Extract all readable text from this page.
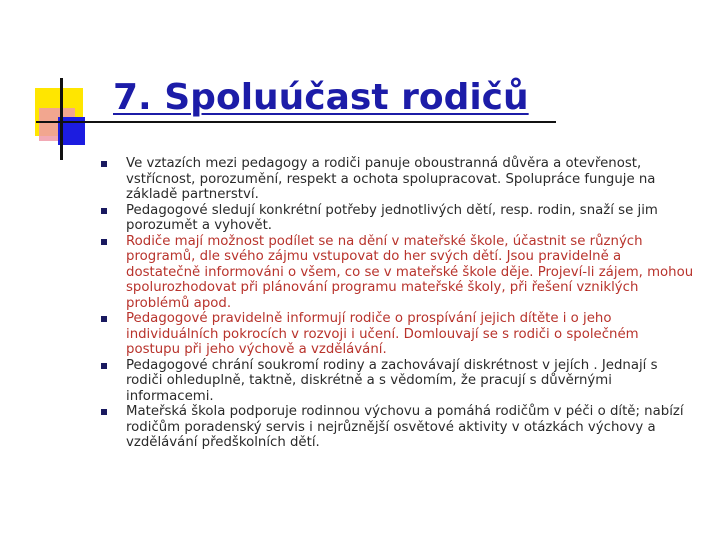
7. Spoluúčast rodičů
Ve vztazích mezi pedagogy a rodiči panuje oboustranná důvěra a otevřenost, vstřícnost, porozumění, respekt a ochota spolupracovat. Spolupráce funguje na základě partnerství.
Pedagogové sledují konkrétní potřeby jednotlivých dětí, resp. rodin, snaží se jim porozumět a vyhovět.
Rodiče mají možnost podílet se na dění v mateřské škole, účastnit se různých programů, dle svého zájmu vstupovat do her svých dětí. Jsou pravidelně a dostatečně informováni o všem, co se v mateřské škole děje. Projeví-li zájem, mohou spolurozhodovat při plánování programu mateřské školy, při řešení vzniklých problémů apod.
Pedagogové pravidelně informují rodiče o prospívání jejich dítěte i o jeho individuálních pokrocích v rozvoji i učení. Domlouvají se s rodiči o společném postupu při jeho výchově a vzdělávání.
Pedagogové chrání soukromí rodiny a zachovávají diskrétnost v jejích . Jednají s rodiči ohleduplně, taktně, diskrétně a s vědomím, že pracují s důvěrnými informacemi.
Mateřská škola podporuje rodinnou výchovu a pomáhá rodičům v péči o dítě; nabízí rodičům poradenský servis i nejrůznější osvětové aktivity v otázkách výchovy a vzdělávání předškolních dětí.
